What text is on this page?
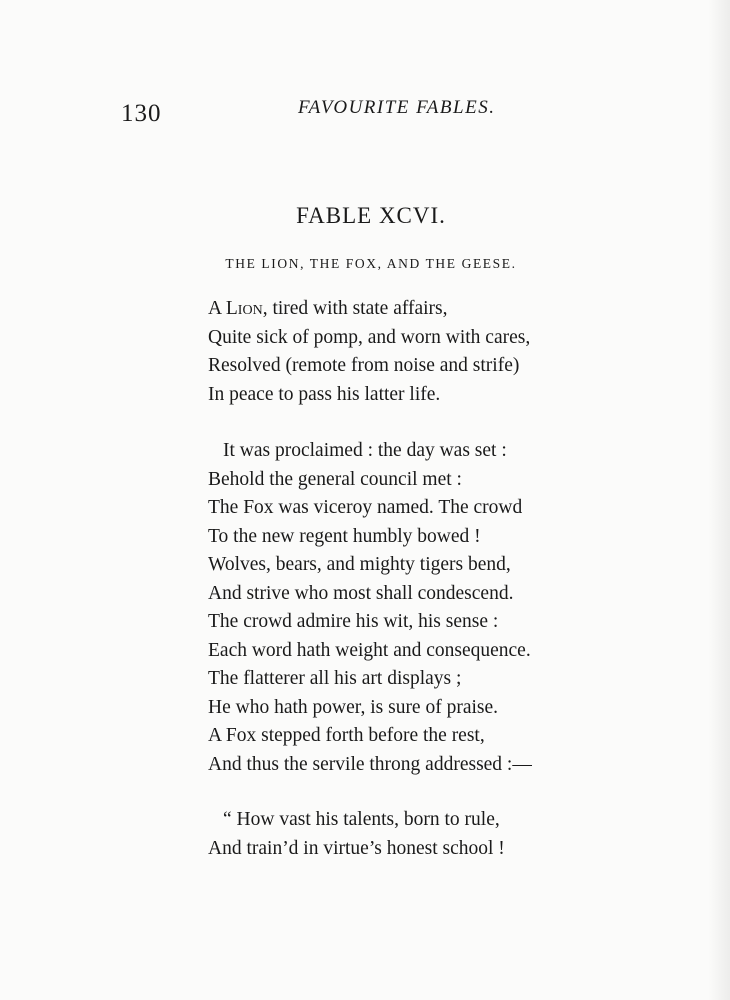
130	FAVOURITE FABLES.
FABLE XCVI.
THE LION, THE FOX, AND THE GEESE.
A Lion, tired with state affairs,
Quite sick of pomp, and worn with cares,
Resolved (remote from noise and strife)
In peace to pass his latter life.
It was proclaimed : the day was set :
Behold the general council met :
The Fox was viceroy named. The crowd
To the new regent humbly bowed !
Wolves, bears, and mighty tigers bend,
And strive who most shall condescend.
The crowd admire his wit, his sense :
Each word hath weight and consequence.
The flatterer all his art displays ;
He who hath power, is sure of praise.
A Fox stepped forth before the rest,
And thus the servile throng addressed :—
“ How vast his talents, born to rule,
And train’d in virtue’s honest school !
